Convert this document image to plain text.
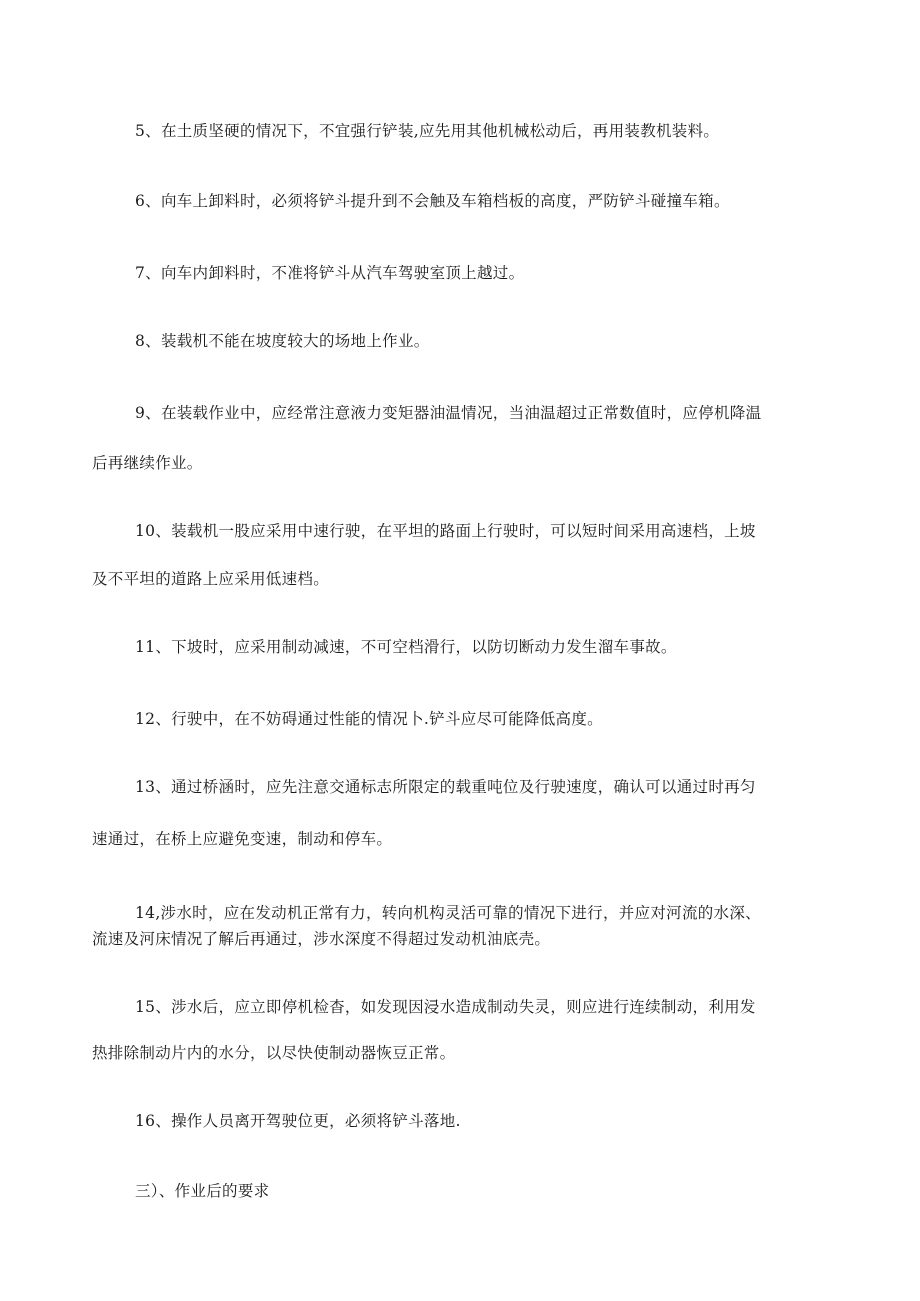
5、在土质坚硬的情况下，不宜强行铲装,应先用其他机械松动后，再用装教机装料。
6、向车上卸料时，必须将铲斗提升到不会触及车箱档板的高度，严防铲斗碰撞车箱。
7、向车内卸料时，不准将铲斗从汽车驾驶室顶上越过。
8、装载机不能在坡度较大的场地上作业。
9、在装载作业中，应经常注意液力变矩器油温情况，当油温超过正常数值时，应停机降温
后再继续作业。
10、装载机一股应采用中速行驶，在平坦的路面上行驶时，可以短时间采用高速档，上坡
及不平坦的道路上应采用低速档。
11、下坡时，应采用制动减速，不可空档滑行，以防切断动力发生溜车事故。
12、行驶中，在不妨碍通过性能的情况卜.铲斗应尽可能降低高度。
13、通过桥涵时，应先注意交通标志所限定的载重吨位及行驶速度，确认可以通过时再匀
速通过，在桥上应避免变速，制动和停车。
14,涉水时，应在发动机正常有力，转向机构灵活可靠的情况下进行，并应对河流的水深、
流速及河床情况了解后再通过，涉水深度不得超过发动机油底壳。
15、涉水后，应立即停机检杳，如发现因浸水造成制动失灵，则应进行连续制动，利用发
热排除制动片内的水分，以尽快使制动器恢豆正常。
16、操作人员离开驾驶位更，必须将铲斗落地.
三）、作业后的要求
